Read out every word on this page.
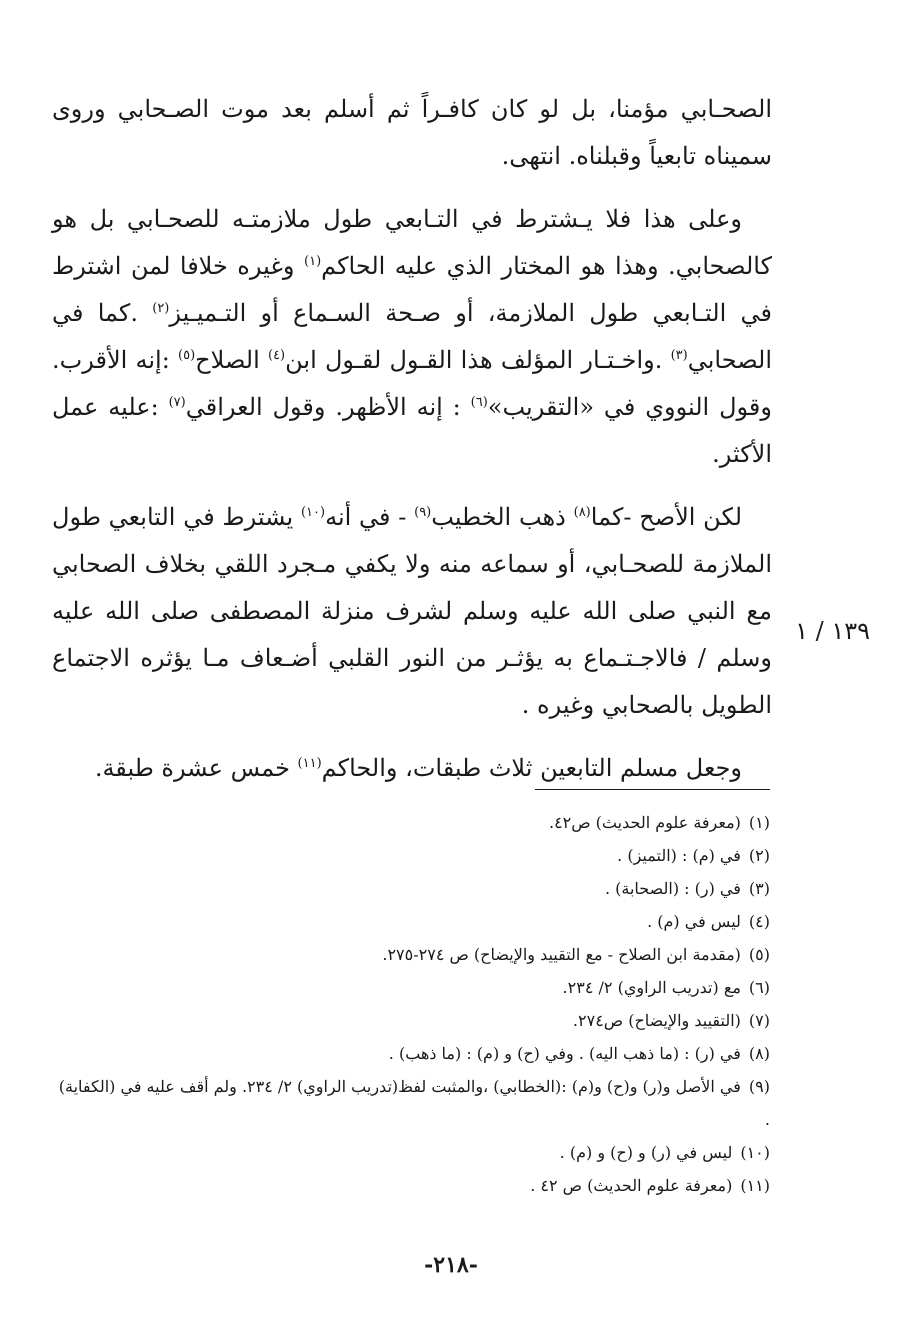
الصحـابي مؤمنا، بل لو كان كافـراً ثم أسلم بعد موت الصـحابي وروى سمیناه تابعياً وقبلناه. انتهى.

وعلى هذا فلا يـشترط في التـابعي طول ملازمتـه للصحـابي بل هو كالصحابي. وهذا هو المختار الذي عليه الحاكم$^{(١)}$ وغيره خلافا لمن اشترط في التـابعي طول الملازمة، أو صـحة السـماع أو التـميـيز$^{(٢)}$ .كما في الصحابي$^{(٣)}$ .واخـتـار المؤلف هذا القـول لقـول ابن$^{(٤)}$ الصلاح$^{(٥)}$ :إنه الأقرب. وقول النووي في «التقريب»$^{(٦)}$ : إنه الأظهر. وقول العراقي$^{(٧)}$ :عليه عمل الأكثر.

لكن الأصح -كما$^{(٨)}$ ذهب الخطيب$^{(٩)}$ - في أنه$^{(١٠)}$ يشترط في التابعي طول الملازمة للصحـابي، أو سماعه منه ولا يكفي مـجرد اللقي بخلاف الصحابي مع النبي صلى الله عليه وسلم لشرف منزلة المصطفى صلى الله عليه وسلم / فالاجـتـماع به يؤثـر من النور القلبي أضـعاف مـا يؤثره الاجتماع الطويل بالصحابي وغيره .

وجعل مسلم التابعين ثلاث طبقات، والحاكم$^{(١١)}$ خمس عشرة طبقة.

١٣٩ / ١

(١)(معرفة علوم الحديث) ص٤٢.

(٢)في (م) : (التميز) .

(٣)في (ر) : (الصحابة) .

(٤)ليس في (م) .

(٥)(مقدمة ابن الصلاح - مع التقييد والإيضاح) ص ٢٧٤-٢٧٥.

(٦)مع (تدريب الراوي) ٢/ ٢٣٤.

(٧)(التقييد والإيضاح) ص٢٧٤.

(٨)في (ر) : (ما ذهب اليه) . وفي (ح) و (م) : (ما ذهب) .

(٩)في الأصل و(ر) و(ح) و(م) :(الخطابي) ،والمثبت لفظ(تدريب الراوي) ٢/ ٢٣٤. ولم أقف عليه في (الكفاية) .

(١٠)ليس في (ر) و (ح) و (م) .

(١١)(معرفة علوم الحديث) ص ٤٢ .

-٢١٨-
